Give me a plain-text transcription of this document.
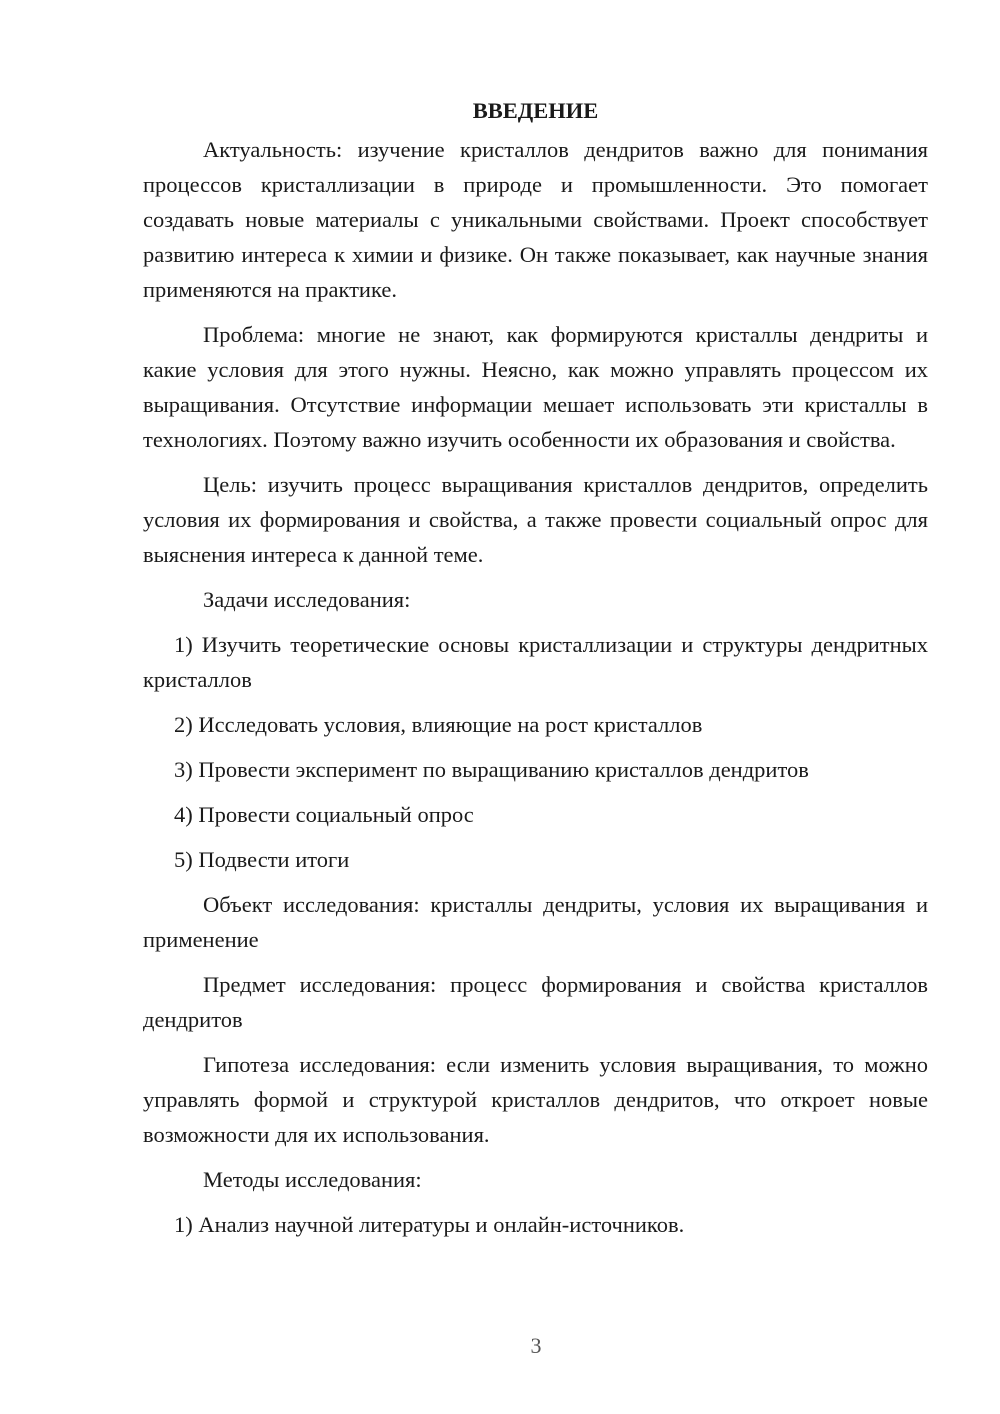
ВВЕДЕНИЕ

Актуальность: изучение кристаллов дендритов важно для понимания процессов кристаллизации в природе и промышленности. Это помогает создавать новые материалы с уникальными свойствами. Проект способствует развитию интереса к химии и физике. Он также показывает, как научные знания применяются на практике.

Проблема: многие не знают, как формируются кристаллы дендриты и какие условия для этого нужны. Неясно, как можно управлять процессом их выращивания. Отсутствие информации мешает использовать эти кристаллы в технологиях. Поэтому важно изучить особенности их образования и свойства.

Цель: изучить процесс выращивания кристаллов дендритов, определить условия их формирования и свойства, а также провести социальный опрос для выяснения интереса к данной теме.

Задачи исследования:

1) Изучить теоретические основы кристаллизации и структуры дендритных кристаллов

2) Исследовать условия, влияющие на рост кристаллов

3) Провести эксперимент по выращиванию кристаллов дендритов

4) Провести социальный опрос

5) Подвести итоги

Объект исследования: кристаллы дендриты, условия их выращивания и применение

Предмет исследования: процесс формирования и свойства кристаллов дендритов

Гипотеза исследования: если изменить условия выращивания, то можно управлять формой и структурой кристаллов дендритов, что откроет новые возможности для их использования.

Методы исследования:

1) Анализ научной литературы и онлайн-источников.

3
